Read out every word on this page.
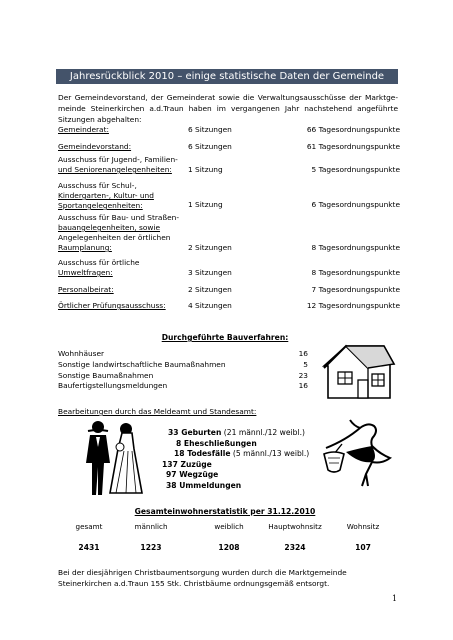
Jahresrückblick 2010 – einige statistische Daten der Gemeinde
Der Gemeindevorstand, der Gemeinderat sowie die Verwaltungsausschüsse der Marktge-meinde Steinerkirchen a.d.Traun haben im vergangenen Jahr nachstehend angeführte Sitzungen abgehalten:
Gemeinderat:	6 Sitzungen	66 Tagesordnungspunkte
Gemeindevorstand:	6 Sitzungen	61 Tagesordnungspunkte
Ausschuss für Jugend-, Familien-
und Seniorenangelegenheiten:	1 Sitzung	5 Tagesordnungspunkte
Ausschuss für Schul-,
Kindergarten-, Kultur- und
Sportangelegenheiten:	1 Sitzung	6 Tagesordnungspunkte
Ausschuss für Bau- und Straßen-
bauangelegenheiten, sowie
Angelegenheiten der örtlichen
Raumplanung:	2 Sitzungen	8 Tagesordnungspunkte
Ausschuss für örtliche
Umweltfragen:	3 Sitzungen	8 Tagesordnungspunkte
Personalbeirat:	2 Sitzungen	7 Tagesordnungspunkte
Örtlicher Prüfungsausschuss:	4 Sitzungen	12 Tagesordnungspunkte
Durchgeführte Bauverfahren:
Wohnhäuser	16
Sonstige landwirtschaftliche Baumaßnahmen	5
Sonstige Baumaßnahmen	23
Baufertigstellungsmeldungen	16
Bearbeitungen durch das Meldeamt und Standesamt:
33 Geburten (21 männl./12 weibl.)
8 Eheschließungen
18 Todesfälle (5 männl./13 weibl.)
137 Zuzüge
97 Wegzüge
38 Ummeldungen
Gesamteinwohnerstatistik per 31.12.2010
gesamt	männlich	weiblich	Hauptwohnsitz	Wohnsitz
2431	1223	1208	2324	107
Bei der diesjährigen Christbaumentsorgung wurden durch die Marktgemeinde Steinerkirchen a.d.Traun 155 Stk. Christbäume ordnungsgemäß entsorgt.
1
